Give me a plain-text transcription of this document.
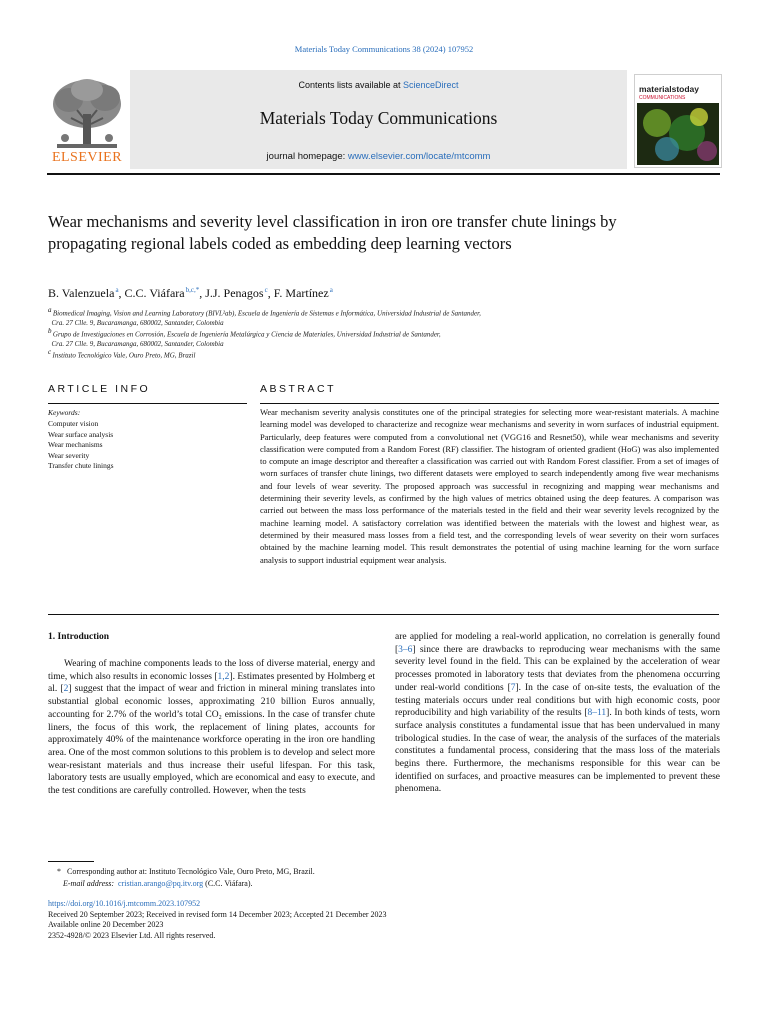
Materials Today Communications 38 (2024) 107952
Contents lists available at ScienceDirect
Materials Today Communications
journal homepage: www.elsevier.com/locate/mtcomm
ELSEVIER
materialstoday
COMMUNICATIONS
Wear mechanisms and severity level classification in iron ore transfer chute linings by propagating regional labels coded as embedding deep learning vectors
B. Valenzuela $^a$, C.C. Viáfara $^{b,c,*}$, J.J. Penagos $^c$, F. Martínez $^a$
$^a$ Biomedical Imaging, Vision and Learning Laboratory (BIVL²ab), Escuela de Ingeniería de Sistemas e Informática, Universidad Industrial de Santander,
Cra. 27 Clle. 9, Bucaramanga, 680002, Santander, Colombia
$^b$ Grupo de Investigaciones en Corrosión, Escuela de Ingeniería Metalúrgica y Ciencia de Materiales, Universidad Industrial de Santander,
Cra. 27 Clle. 9, Bucaramanga, 680002, Santander, Colombia
$^c$ Instituto Tecnológico Vale, Ouro Preto, MG, Brazil
ARTICLE INFO	ABSTRACT
Keywords:
Computer vision
Wear surface analysis
Wear mechanisms
Wear severity
Transfer chute linings
Wear mechanism severity analysis constitutes one of the principal strategies for selecting more wear-resistant materials. A machine learning model was developed to characterize and recognize wear mechanisms and severity in worn surfaces of industrial equipment. Particularly, deep features were computed from a convolutional net (VGG16 and Resnet50), while wear mechanisms and severity classification were computed from a Random Forest (RF) classifier. The histogram of oriented gradient (HoG) was also implemented to compute an image descriptor and thereafter a classification was carried out with Random Forest classifier. From a set of images of worn surfaces of transfer chute linings, two different datasets were employed to search independently among five wear mechanisms and four levels of wear severity. The proposed approach was successful in recognizing and mapping wear mechanisms and determining their severity levels, as confirmed by the high values of metrics obtained using the deep features. A comparison was carried out between the mass loss performance of the materials tested in the field and their wear severity levels recognized by the machine learning model. A satisfactory correlation was identified between the materials with the lowest and highest wear, as determined by their measured mass losses from a field test, and the corresponding levels of wear severity on their worn surfaces obtained by the machine learning model. This result demonstrates the potential of using machine learning for the worn surface analysis to support industrial equipment wear analysis.
1. Introduction
Wearing of machine components leads to the loss of diverse material, energy and time, which also results in economic losses [1,2]. Estimates presented by Holmberg et al. [2] suggest that the impact of wear and friction in mineral mining translates into substantial global economic losses, approximating 210 billion Euros annually, accounting for 2.7% of the world’s total CO₂ emissions. In the case of transfer chute liners, the focus of this work, the replacement of lining plates, accounts for approximately 40% of the maintenance workforce operating in the iron ore handling area. One of the most common solutions to this problem is to develop and select more wear-resistant materials and thus increase their useful lifespan. For this task, laboratory tests are usually employed, which are economical and easy to execute, and the test conditions are carefully controlled. However, when the tests
are applied for modeling a real-world application, no correlation is generally found [3–6] since there are drawbacks to reproducing wear mechanisms with the same severity level found in the field. This can be explained by the acceleration of wear processes promoted in laboratory tests that deviates from the phenomena occurring under real-world conditions [7]. In the case of on-site tests, the evaluation of the testing materials occurs under real conditions but with high economic costs, poor reproducibility and high variability of the results [8–11]. In both kinds of tests, worn surface analysis constitutes a fundamental issue that has been undervalued in many tribological studies. In the case of wear, the analysis of the surfaces of the materials constitutes a fundamental process, considering that the mass loss of the materials begins there. Furthermore, the mechanisms responsible for this wear can be identified on surfaces, and proactive measures can be implemented to prevent these phenomena.
* Corresponding author at: Instituto Tecnológico Vale, Ouro Preto, MG, Brazil.
E-mail address: cristian.arango@pq.itv.org (C.C. Viáfara).
https://doi.org/10.1016/j.mtcomm.2023.107952
Received 20 September 2023; Received in revised form 14 December 2023; Accepted 21 December 2023
Available online 20 December 2023
2352-4928/© 2023 Elsevier Ltd. All rights reserved.
